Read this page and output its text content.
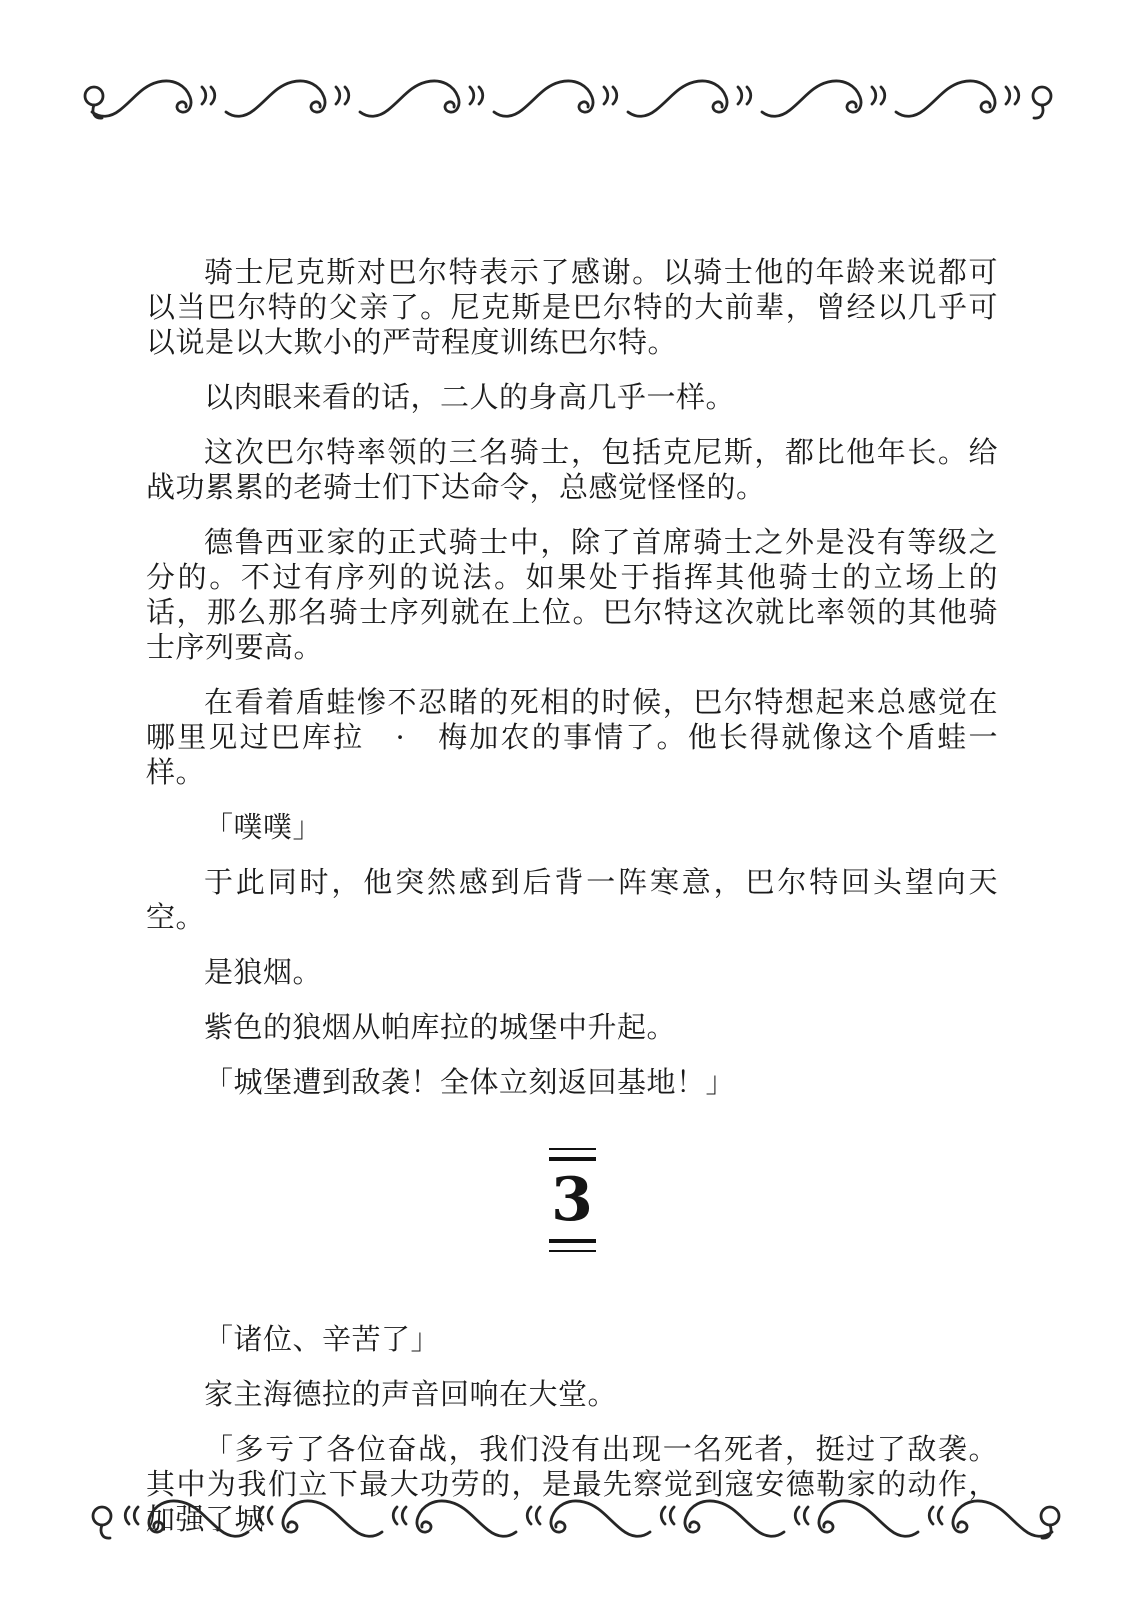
骑士尼克斯对巴尔特表示了感谢。以骑士他的年龄来说都可以当巴尔特的父亲了。尼克斯是巴尔特的大前辈，曾经以几乎可以说是以大欺小的严苛程度训练巴尔特。

以肉眼来看的话，二人的身高几乎一样。

这次巴尔特率领的三名骑士，包括克尼斯，都比他年长。给战功累累的老骑士们下达命令，总感觉怪怪的。

德鲁西亚家的正式骑士中，除了首席骑士之外是没有等级之分的。不过有序列的说法。如果处于指挥其他骑士的立场上的话，那么那名骑士序列就在上位。巴尔特这次就比率领的其他骑士序列要高。

在看着盾蛙惨不忍睹的死相的时候，巴尔特想起来总感觉在哪里见过巴库拉　·　梅加农的事情了。他长得就像这个盾蛙一样。

「噗噗」

于此同时，他突然感到后背一阵寒意，巴尔特回头望向天空。

是狼烟。

紫色的狼烟从帕库拉的城堡中升起。

「城堡遭到敌袭！全体立刻返回基地！」

3

「诸位、辛苦了」

家主海德拉的声音回响在大堂。

「多亏了各位奋战，我们没有出现一名死者，挺过了敌袭。其中为我们立下最大功劳的，是最先察觉到寇安德勒家的动作，加强了城
